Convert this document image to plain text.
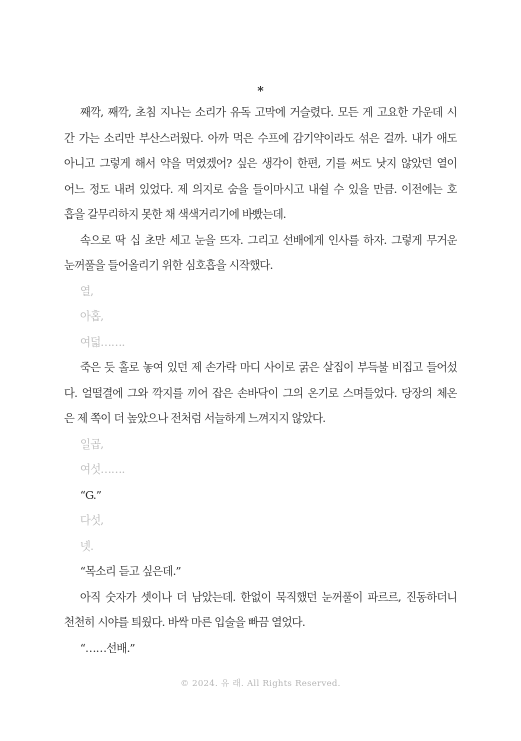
*
째깍, 째깍, 초침 지나는 소리가 유독 고막에 거슬렸다. 모든 게 고요한 가운데 시
간 가는 소리만 부산스러웠다. 아까 먹은 수프에 감기약이라도 섞은 걸까. 내가 애도
아니고 그렇게 해서 약을 먹였겠어? 싶은 생각이 한편, 기를 써도 낫지 않았던 열이
어느 정도 내려 있었다. 제 의지로 숨을 들이마시고 내쉴 수 있을 만큼. 이전에는 호
흡을 갈무리하지 못한 채 색색거리기에 바빴는데.
속으로 딱 십 초만 세고 눈을 뜨자. 그리고 선배에게 인사를 하자. 그렇게 무거운
눈꺼풀을 들어올리기 위한 심호흡을 시작했다.
열,
아홉,
여덟…….
죽은 듯 홀로 놓여 있던 제 손가락 마디 사이로 굵은 살집이 부득불 비집고 들어섰
다. 얼떨결에 그와 깍지를 끼어 잡은 손바닥이 그의 온기로 스며들었다. 당장의 체온
은 제 쪽이 더 높았으나 전처럼 서늘하게 느껴지지 않았다.
일곱,
여섯…….
“G.”
다섯,
넷.
“목소리 듣고 싶은데.”
아직 숫자가 셋이나 더 남았는데. 한없이 묵직했던 눈꺼풀이 파르르, 진동하더니
천천히 시야를 틔웠다. 바싹 마른 입술을 빠끔 열었다.
“……선배.”
© 2024. 유 래. All Rights Reserved.
